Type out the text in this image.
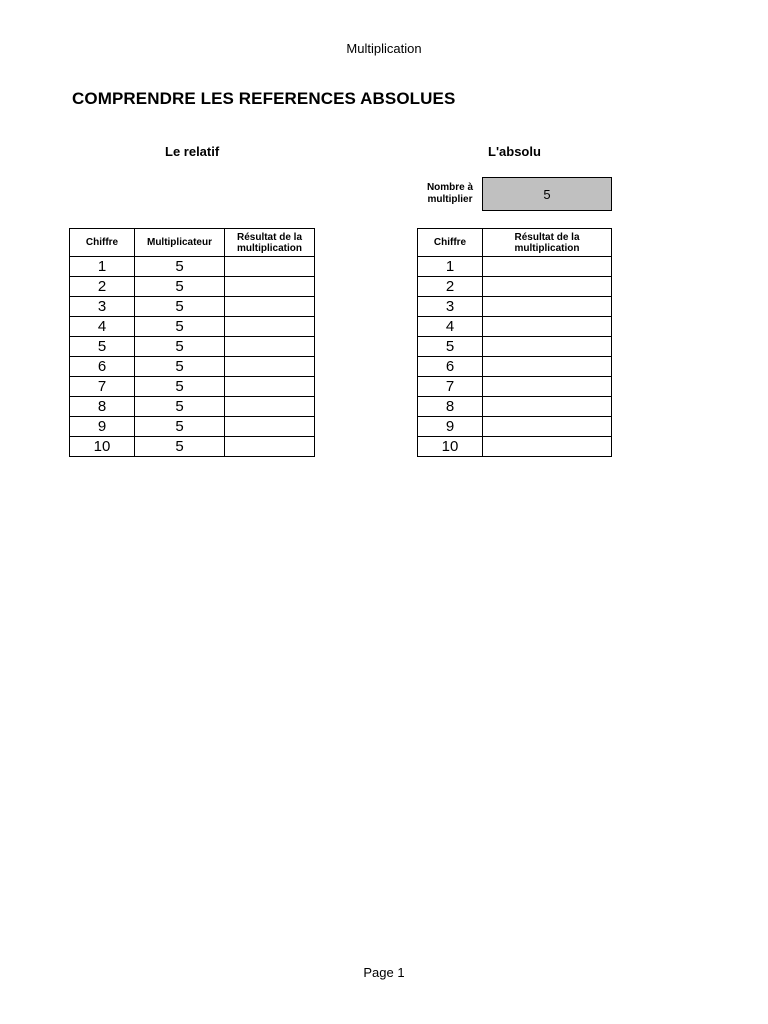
Multiplication
COMPRENDRE LES REFERENCES ABSOLUES
Le relatif	L'absolu
Nombre à multiplier	5
Chiffre	Multiplicateur	Résultat de la multiplication
1	5	
2	5	
3	5	
4	5	
5	5	
6	5	
7	5	
8	5	
9	5	
10	5	
Chiffre	Résultat de la multiplication
1	
2	
3	
4	
5	
6	
7	
8	
9	
10	
Page 1
